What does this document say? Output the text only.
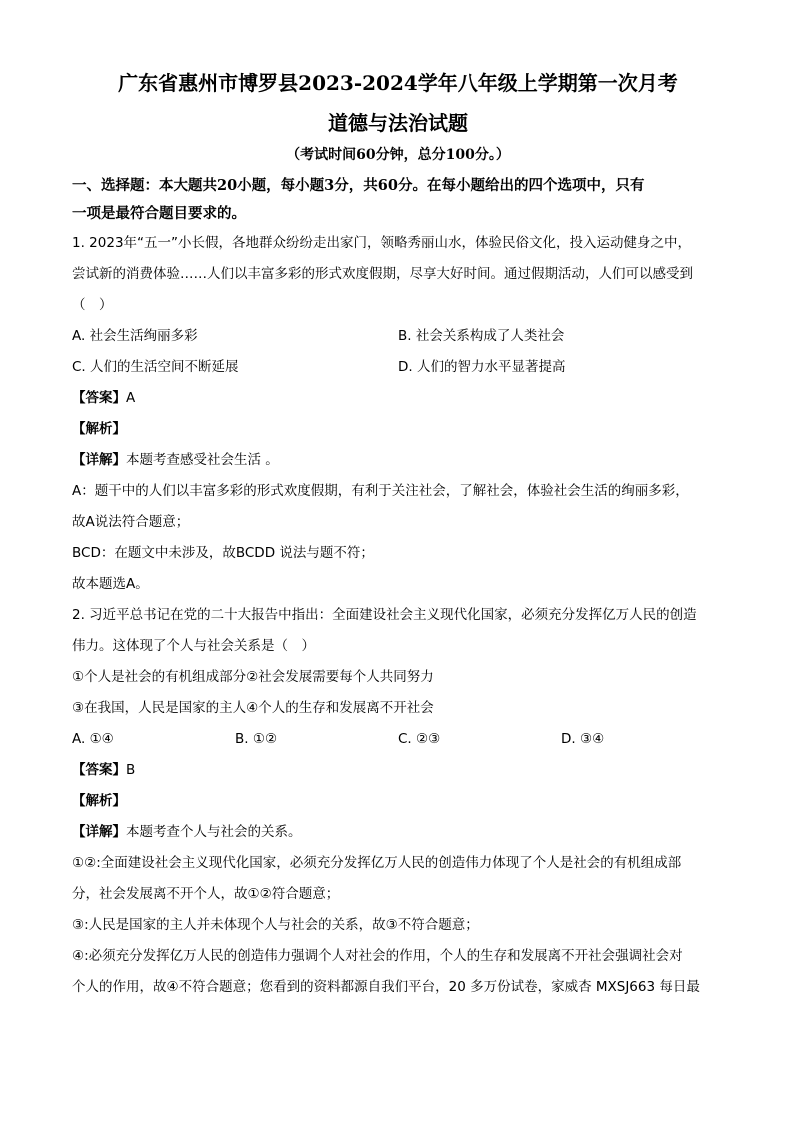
广东省惠州市博罗县2023-2024学年八年级上学期第一次月考
道德与法治试题
（考试时间60分钟，总分100分。）

一、选择题：本大题共20小题，每小题3分，共60分。在每小题给出的四个选项中，只有

一项是最符合题目要求的。

1. 2023年“五一”小长假，各地群众纷纷走出家门，领略秀丽山水，体验民俗文化，投入运动健身之中，

尝试新的消费体验……人们以丰富多彩的形式欢度假期，尽享大好时间。通过假期活动，人们可以感受到

（　）

A. 社会生活绚丽多彩	B. 社会关系构成了人类社会
C. 人们的生活空间不断延展	D. 人们的智力水平显著提高

【答案】A

【解析】

【详解】本题考查感受社会生活 。

A：题干中的人们以丰富多彩的形式欢度假期，有利于关注社会，了解社会，体验社会生活的绚丽多彩，

故A说法符合题意；

BCD：在题文中未涉及，故BCDD 说法与题不符；

故本题选A。

2. 习近平总书记在党的二十大报告中指出：全面建设社会主义现代化国家，必须充分发挥亿万人民的创造

伟力。这体现了个人与社会关系是（　）

①个人是社会的有机组成部分②社会发展需要每个人共同努力

③在我国，人民是国家的主人④个人的生存和发展离不开社会

A. ①④	B. ①②	C. ②③	D. ③④

【答案】B

【解析】

【详解】本题考查个人与社会的关系。

①②:全面建设社会主义现代化国家，必须充分发挥亿万人民的创造伟力体现了个人是社会的有机组成部

分，社会发展离不开个人，故①②符合题意；

③:人民是国家的主人并未体现个人与社会的关系，故③不符合题意；

④:必须充分发挥亿万人民的创造伟力强调个人对社会的作用，个人的生存和发展离不开社会强调社会对

个人的作用，故④不符合题意；您看到的资料都源自我们平台，20 多万份试卷，家威杏 MXSJ663 每日最
